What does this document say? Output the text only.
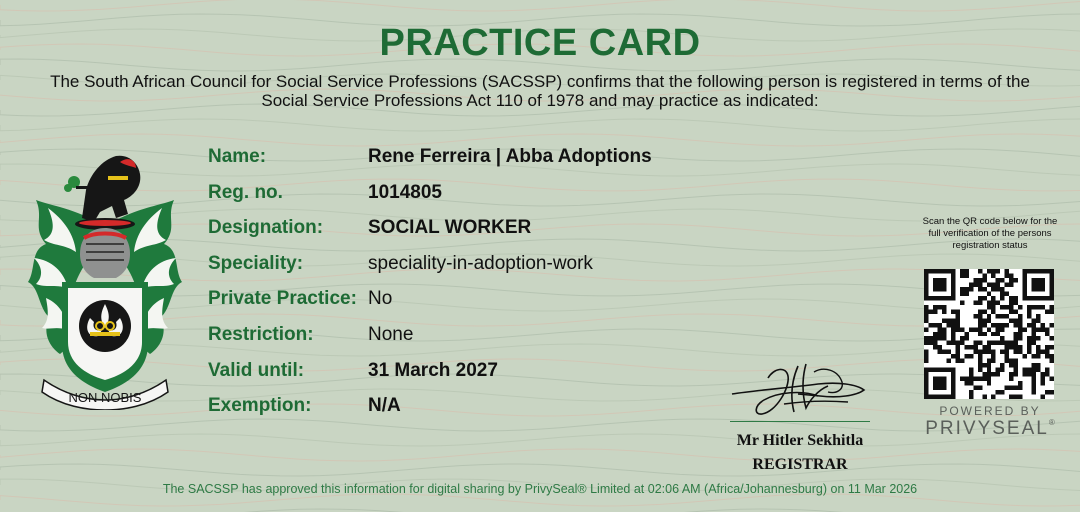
PRACTICE CARD
The South African Council for Social Service Professions (SACSSP) confirms that the following person is registered in terms of the Social Service Professions Act 110 of 1978 and may practice as indicated:
NON NOBIS
Name:	Rene Ferreira | Abba Adoptions
Reg. no.	1014805
Designation: SOCIAL WORKER
Speciality:	speciality-in-adoption-work
Private Practice: No
Restriction:	None
Valid until:	31 March 2027
Exemption:	N/A
Mr Hitler Sekhitla
REGISTRAR
Scan the QR code below for the full verification of the persons registration status
POWERED BY
PRIVYSEAL®
The SACSSP has approved this information for digital sharing by PrivySeal® Limited at 02:06 AM (Africa/Johannesburg) on 11 Mar 2026
